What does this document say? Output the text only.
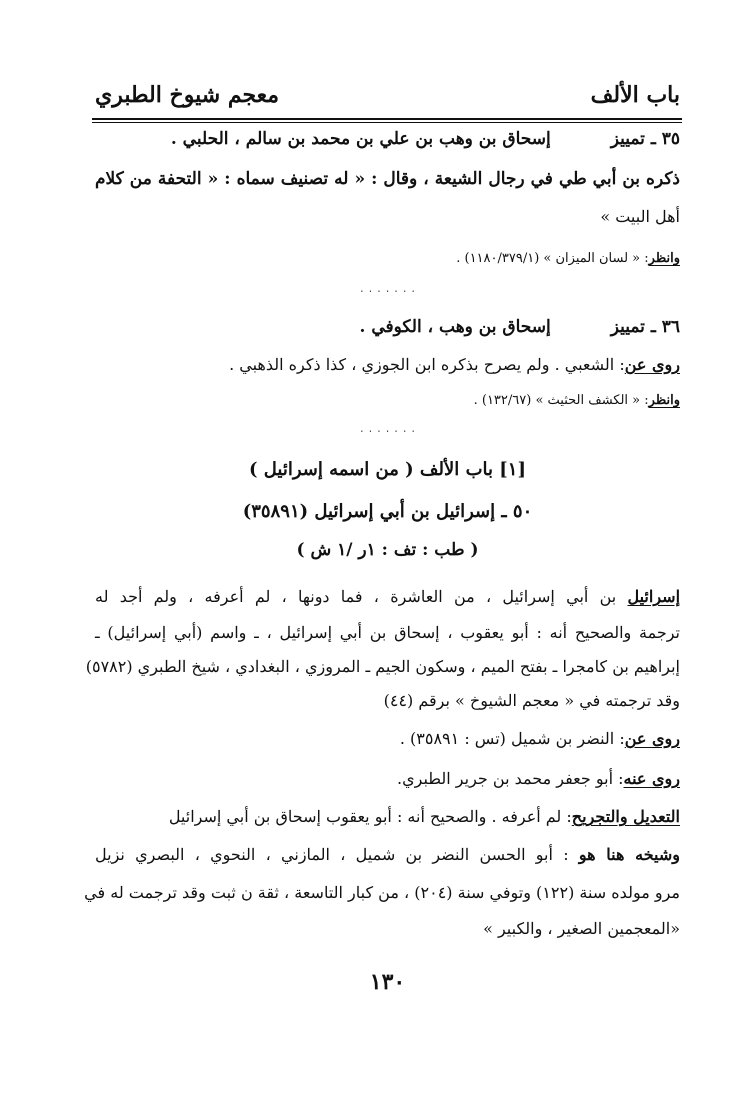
باب الألف
معجم شيوخ الطبري
٣٥ ـ تمييزإسحاق بن وهب بن علي بن محمد بن سالم ، الحلبي .
ذكره بن أبي طي في رجال الشيعة ، وقال : « له تصنيف سماه : « التحفة من كلام
أهل البيت »
وانظر: « لسان الميزان » (١١٨٠/٣٧٩/١) .
٠ ٠ ٠ ٠ ٠ ٠ ٠
٣٦ ـ تمييزإسحاق بن وهب ، الكوفي .
روى عن: الشعبي . ولم يصرح بذكره ابن الجوزي ، كذا ذكره الذهبي .
وانظر: « الكشف الحثيث » (١٣٢/٦٧) .
٠ ٠ ٠ ٠ ٠ ٠ ٠
[١] باب الألف ( من اسمه إسرائيل )
٥٠ ـ إسرائيل بن أبي إسرائيل (٣٥٨٩١)
( طب : تف : ١ر /١ ش )
إسرائيل بن أبي إسرائيل ، من العاشرة ، فما دونها ، لم أعرفه ، ولم أجد له
ترجمة والصحيح أنه : أبو يعقوب ، إسحاق بن أبي إسرائيل ، ـ واسم (أبي إسرائيل) ـ
إبراهيم بن كامجرا ـ بفتح الميم ، وسكون الجيم ـ المروزي ، البغدادي ، شيخ الطبري (٥٧٨٢)
وقد ترجمته في « معجم الشيوخ » برقم (٤٤)
روى عن: النضر بن شميل (تس : ٣٥٨٩١) .
روى عنه: أبو جعفر محمد بن جرير الطبري.
التعديل والتجريح: لم أعرفه . والصحيح أنه : أبو يعقوب إسحاق بن أبي إسرائيل
وشيخه هنا هو : أبو الحسن النضر بن شميل ، المازني ، النحوي ، البصري نزيل
مرو مولده سنة (١٢٢) وتوفي سنة (٢٠٤) ، من كبار التاسعة ، ثقة ن ثبت وقد ترجمت له في
«المعجمين الصغير ، والكبير »
١٣٠
